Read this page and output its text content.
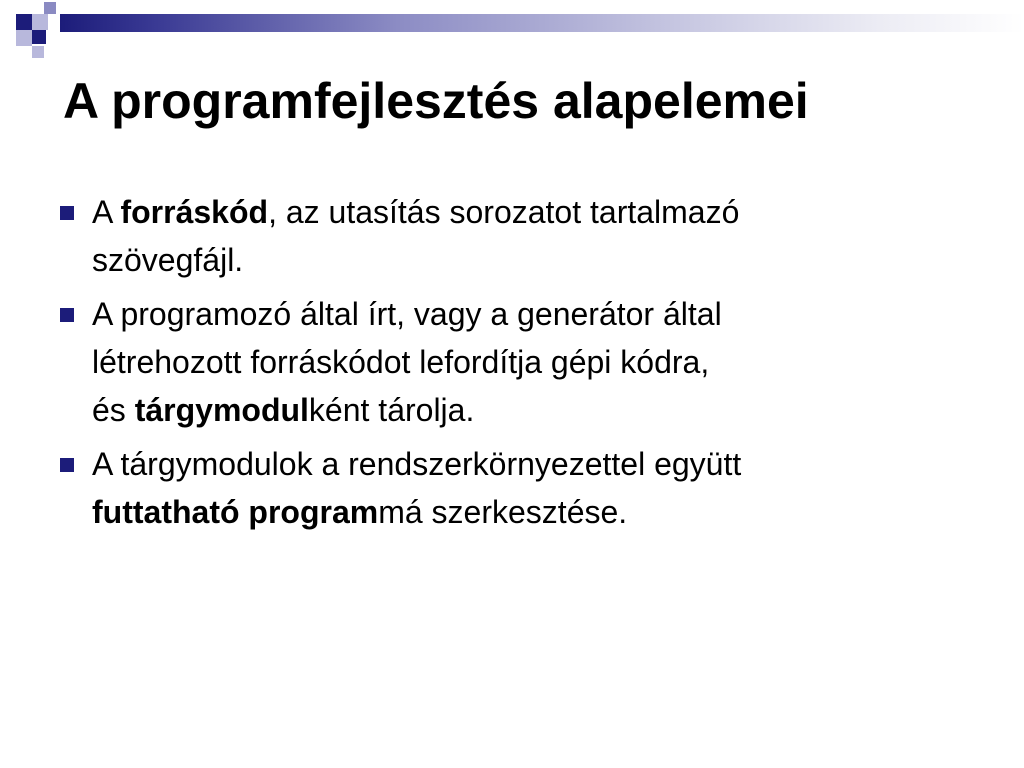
A programfejlesztés alapelemei
A forráskód, az utasítás sorozatot tartalmazó
szövegfájl.
A programozó által írt, vagy a generátor által
létrehozott forráskódot lefordítja gépi kódra,
és tárgymodulként tárolja.
A tárgymodulok a rendszerkörnyezettel együtt
futtatható programmá szerkesztése.
